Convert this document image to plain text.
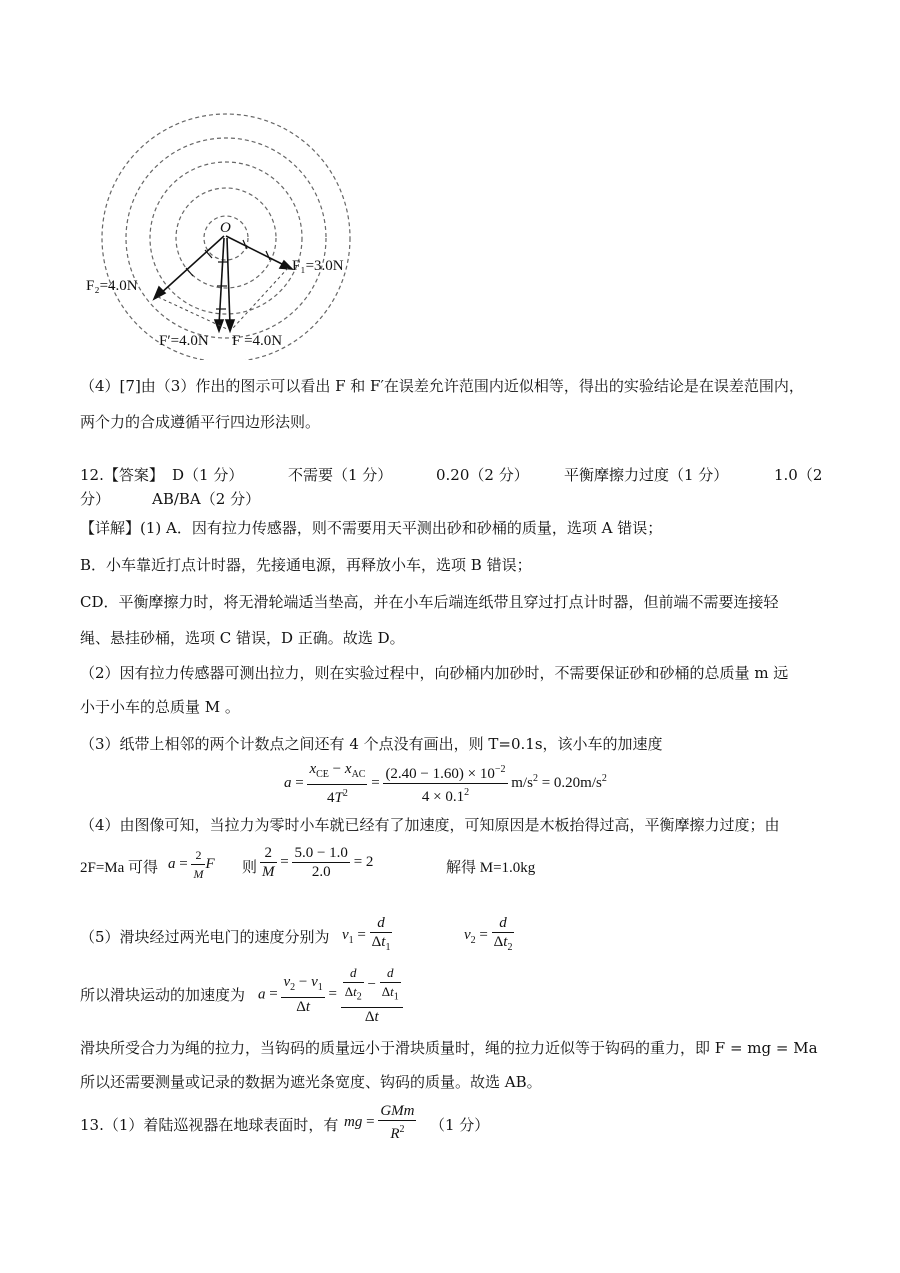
O
F₁=3.0N
F₂=4.0N
F′=4.0N F =4.0N
（4）[7]由（3）作出的图示可以看出 F 和 F′在误差允许范围内近似相等，得出的实验结论是在误差范围内，
两个力的合成遵循平行四边形法则。
12.【答案】 D（1 分）	不需要（1 分）	0.20（2 分） 平衡摩擦力过度（1 分）	1.0（2
分）	AB/BA（2 分）
【详解】(1) A．因有拉力传感器，则不需要用天平测出砂和砂桶的质量，选项 A 错误；
B．小车靠近打点计时器，先接通电源，再释放小车，选项 B 错误；
CD．平衡摩擦力时，将无滑轮端适当垫高，并在小车后端连纸带且穿过打点计时器，但前端不需要连接轻
绳、悬挂砂桶，选项 C 错误，D 正确。故选 D。
（2）因有拉力传感器可测出拉力，则在实验过程中，向砂桶内加砂时，不需要保证砂和砂桶的总质量 m 远
小于小车的总质量 M 。
（3）纸带上相邻的两个计数点之间还有 4 个点没有画出，则 T=0.1s，该小车的加速度
$a = \frac{x_{CE} - x_{AC}}{4T^2} = \frac{(2.40 - 1.60) \times 10^{-2}}{4 \times 0.1^2} m/s^2 = 0.20m/s^2$
（4）由图像可知，当拉力为零时小车就已经有了加速度，可知原因是木板抬得过高，平衡摩擦力过度；由
2F=Ma 可得 $a = \frac{2}{M}$ F 则 $\frac{2}{M} = \frac{5.0 - 1.0}{2.0} = 2$	解得 M=1.0kg
（5）滑块经过两光电门的速度分别为 $v_1 = \frac{d}{\Delta t_1}$	$v_2 = \frac{d}{\Delta t_2}$
所以滑块运动的加速度为 $a = \frac{v_2 - v_1}{\Delta t} = \frac{\frac{d}{\Delta t_2} - \frac{d}{\Delta t_1}}{\Delta t}$
滑块所受合力为绳的拉力，当钩码的质量远小于滑块质量时，绳的拉力近似等于钩码的重力，即 F = mg = Ma
所以还需要测量或记录的数据为遮光条宽度、钩码的质量。故选 AB。
13.（1）着陆巡视器在地球表面时，有 mg = $\frac{\text{GMm}}{R^2} (1$ 分）
